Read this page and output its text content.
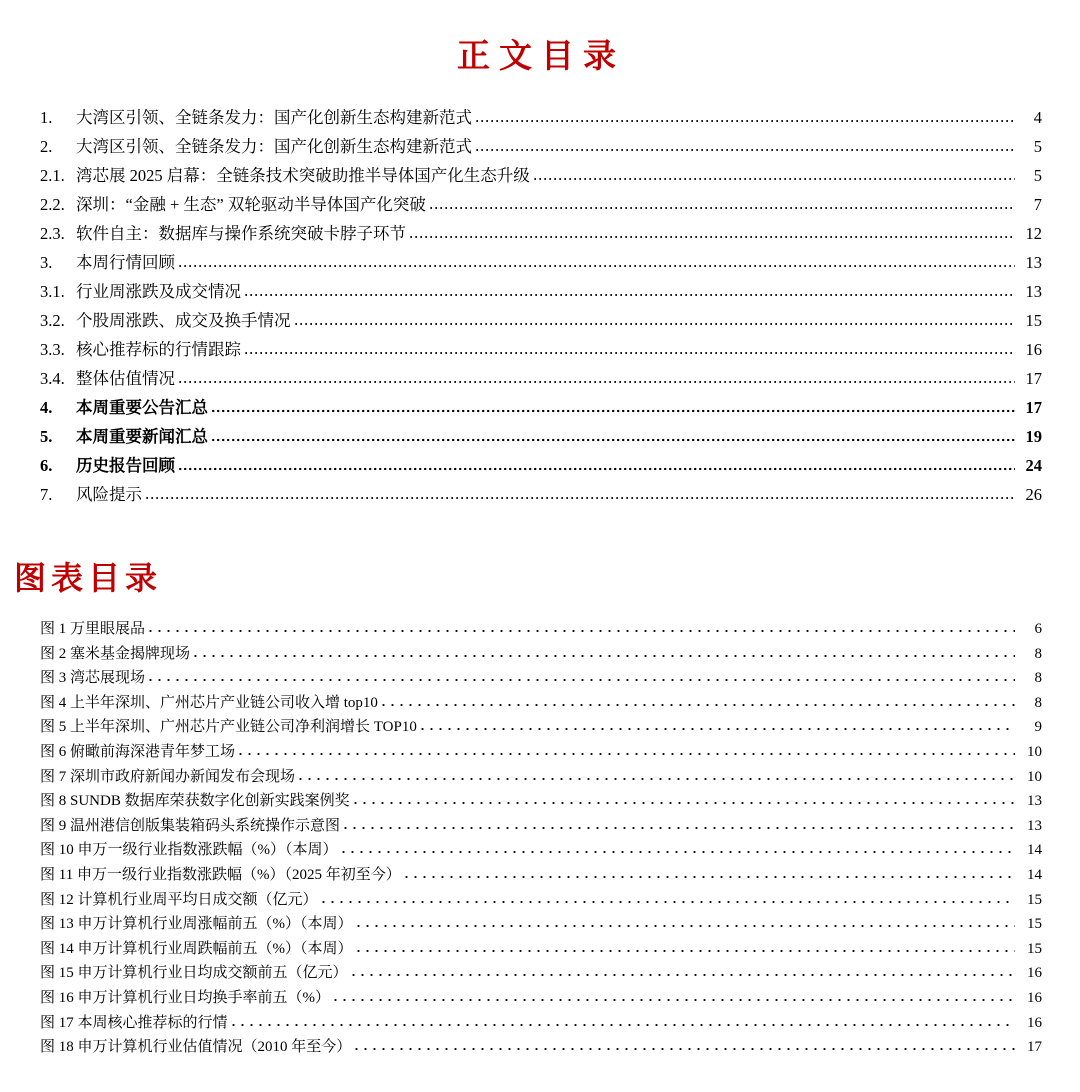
正文目录
1.	大湾区引领、全链条发力：国产化创新生态构建新范式	4
2.	大湾区引领、全链条发力：国产化创新生态构建新范式	5
2.1. 湾芯展 2025 启幕：全链条技术突破助推半导体国产化生态升级	5
2.2. 深圳：“金融 + 生态” 双轮驱动半导体国产化突破	7
2.3. 软件自主：数据库与操作系统突破卡脖子环节	12
3.	本周行情回顾	13
3.1. 行业周涨跌及成交情况	13
3.2. 个股周涨跌、成交及换手情况	15
3.3. 核心推荐标的行情跟踪	16
3.4. 整体估值情况	17
4.	本周重要公告汇总	17
5.	本周重要新闻汇总	19
6.	历史报告回顾	24
7.	风险提示	26
图表目录
图 1 万里眼展品	6
图 2 塞米基金揭牌现场	8
图 3 湾芯展现场	8
图 4 上半年深圳、广州芯片产业链公司收入增 top10	8
图 5 上半年深圳、广州芯片产业链公司净利润增长 TOP10	9
图 6 俯瞰前海深港青年梦工场	10
图 7 深圳市政府新闻办新闻发布会现场	10
图 8 SUNDB 数据库荣获数字化创新实践案例奖	13
图 9 温州港信创版集装箱码头系统操作示意图	13
图 10 申万一级行业指数涨跌幅（%）（本周）	14
图 11 申万一级行业指数涨跌幅（%）（2025 年初至今）	14
图 12 计算机行业周平均日成交额（亿元）	15
图 13 申万计算机行业周涨幅前五（%）（本周）	15
图 14 申万计算机行业周跌幅前五（%）（本周）	15
图 15 申万计算机行业日均成交额前五（亿元）	16
图 16 申万计算机行业日均换手率前五（%）	16
图 17 本周核心推荐标的行情	16
图 18 申万计算机行业估值情况（2010 年至今）	17
